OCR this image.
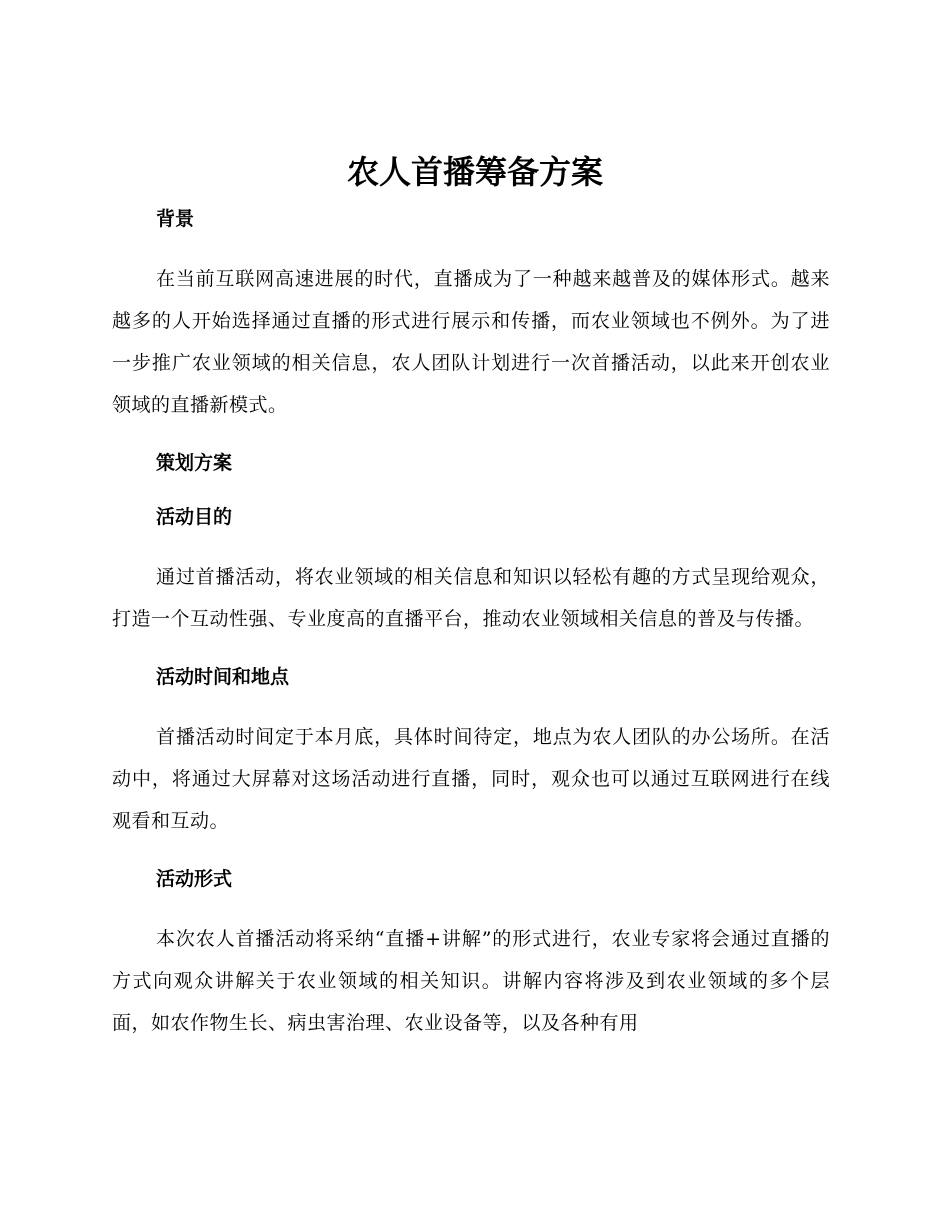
农人首播筹备方案

背景

在当前互联网高速进展的时代，直播成为了一种越来越普及的媒体形式。越来越多的人开始选择通过直播的形式进行展示和传播，而农业领域也不例外。为了进一步推广农业领域的相关信息，农人团队计划进行一次首播活动，以此来开创农业领域的直播新模式。

策划方案

活动目的

通过首播活动，将农业领域的相关信息和知识以轻松有趣的方式呈现给观众，打造一个互动性强、专业度高的直播平台，推动农业领域相关信息的普及与传播。

活动时间和地点

首播活动时间定于本月底，具体时间待定，地点为农人团队的办公场所。在活动中，将通过大屏幕对这场活动进行直播，同时，观众也可以通过互联网进行在线观看和互动。

活动形式

本次农人首播活动将采纳“直播+讲解”的形式进行，农业专家将会通过直播的方式向观众讲解关于农业领域的相关知识。讲解内容将涉及到农业领域的多个层面，如农作物生长、病虫害治理、农业设备等，以及各种有用
